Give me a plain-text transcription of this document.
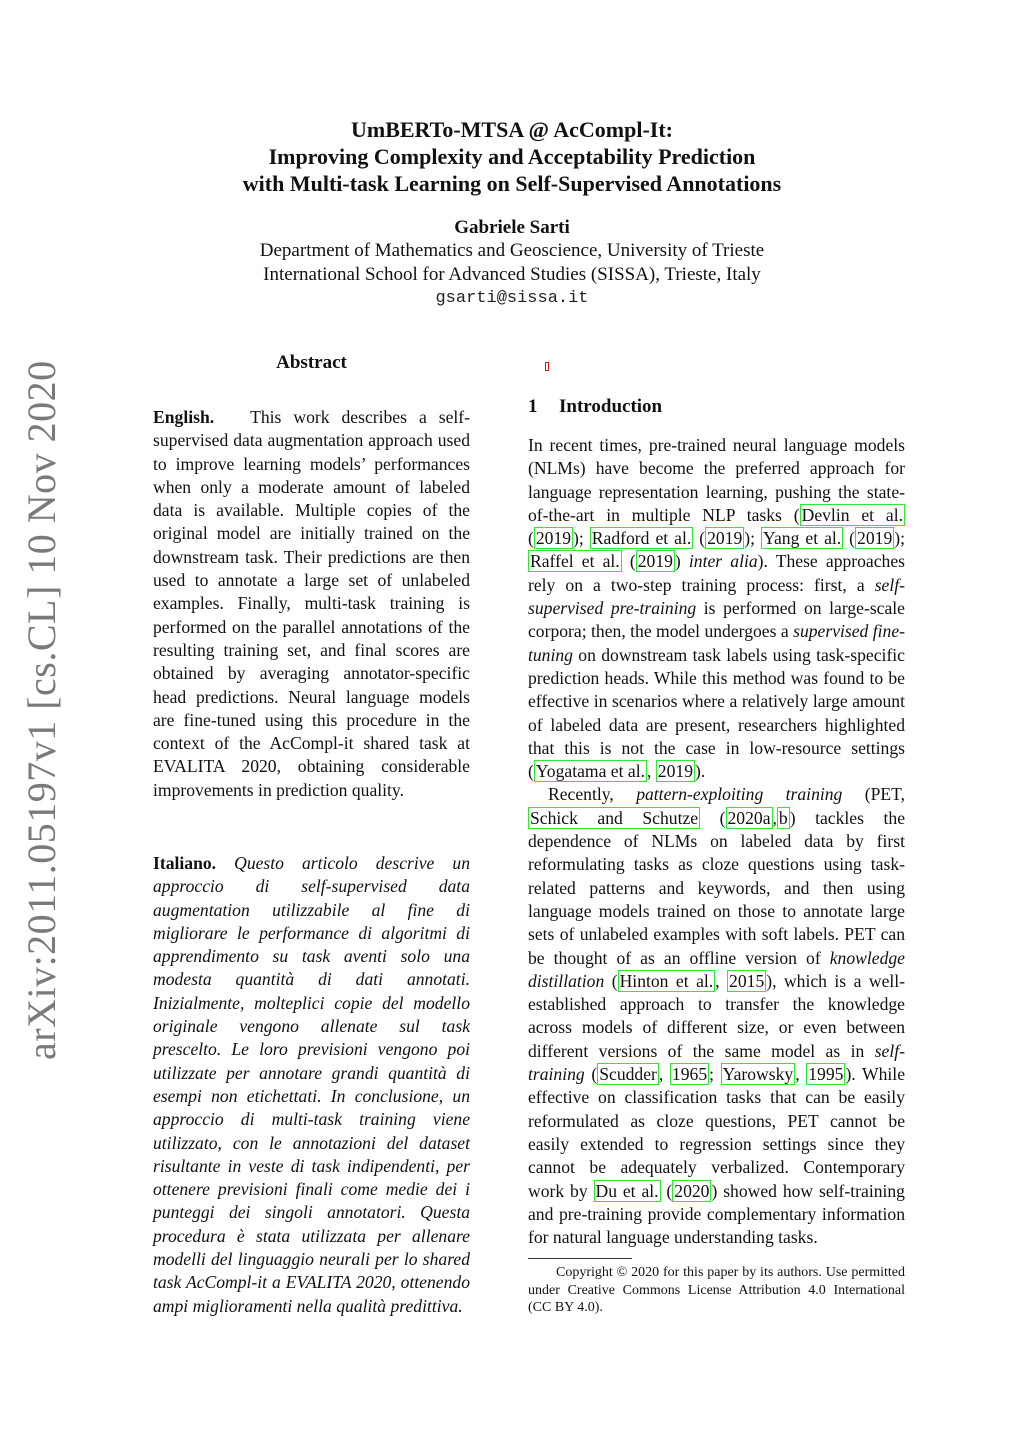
arXiv:2011.05197v1 [cs.CL] 10 Nov 2020
UmBERTo-MTSA @ AcCompl-It:
Improving Complexity and Acceptability Prediction
with Multi-task Learning on Self-Supervised Annotations
Gabriele Sarti
Department of Mathematics and Geoscience, University of Trieste
International School for Advanced Studies (SISSA), Trieste, Italy
gsarti@sissa.it
Abstract

English. This work describes a self-supervised data augmentation approach used to improve learning models’ performances when only a moderate amount of labeled data is available. Multiple copies of the original model are initially trained on the downstream task. Their predictions are then used to annotate a large set of unlabeled examples. Finally, multi-task training is performed on the parallel annotations of the resulting training set, and final scores are obtained by averaging annotator-specific head predictions. Neural language models are fine-tuned using this procedure in the context of the AcCompl-it shared task at EVALITA 2020, obtaining considerable improvements in prediction quality.

Italiano. Questo articolo descrive un approccio di self-supervised data augmentation utilizzabile al fine di migliorare le performance di algoritmi di apprendimento su task aventi solo una modesta quantità di dati annotati. Inizialmente, molteplici copie del modello originale vengono allenate sul task prescelto. Le loro previsioni vengono poi utilizzate per annotare grandi quantità di esempi non etichettati. In conclusione, un approccio di multi-task training viene utilizzato, con le annotazioni del dataset risultante in veste di task indipendenti, per ottenere previsioni finali come medie dei i punteggi dei singoli annotatori. Questa procedura è stata utilizzata per allenare modelli del linguaggio neurali per lo shared task AcCompl-it a EVALITA 2020, ottenendo ampi miglioramenti nella qualità predittiva.

1 Introduction

In recent times, pre-trained neural language models (NLMs) have become the preferred approach for language representation learning, pushing the state-of-the-art in multiple NLP tasks ( Devlin et al. ( 2019 ); Radford et al. ( 2019 ); Yang et al. ( 2019 ); Raffel et al. ( 2019 ) inter alia). These approaches rely on a two-step training process: first, a self-supervised pre-training is performed on large-scale corpora; then, the model undergoes a supervised fine-tuning on downstream task labels using task-specific prediction heads. While this method was found to be effective in scenarios where a relatively large amount of labeled data are present, researchers highlighted that this is not the case in low-resource settings ( Yogatama et al. , 2019 ).

Recently, pattern-exploiting training (PET, Schick and Schutze ( 2020a , b ) tackles the dependence of NLMs on labeled data by first reformulating tasks as cloze questions using task-related patterns and keywords, and then using language models trained on those to annotate large sets of unlabeled examples with soft labels. PET can be thought of as an offline version of knowledge distillation ( Hinton et al. , 2015 ), which is a well-established approach to transfer the knowledge across models of different size, or even between different versions of the same model as in self-training ( Scudder , 1965 ; Yarowsky , 1995 ). While effective on classification tasks that can be easily reformulated as cloze questions, PET cannot be easily extended to regression settings since they cannot be adequately verbalized. Contemporary work by Du et al. ( 2020 ) showed how self-training and pre-training provide complementary information for natural language understanding tasks.

Copyright © 2020 for this paper by its authors. Use permitted under Creative Commons License Attribution 4.0 International (CC BY 4.0).
